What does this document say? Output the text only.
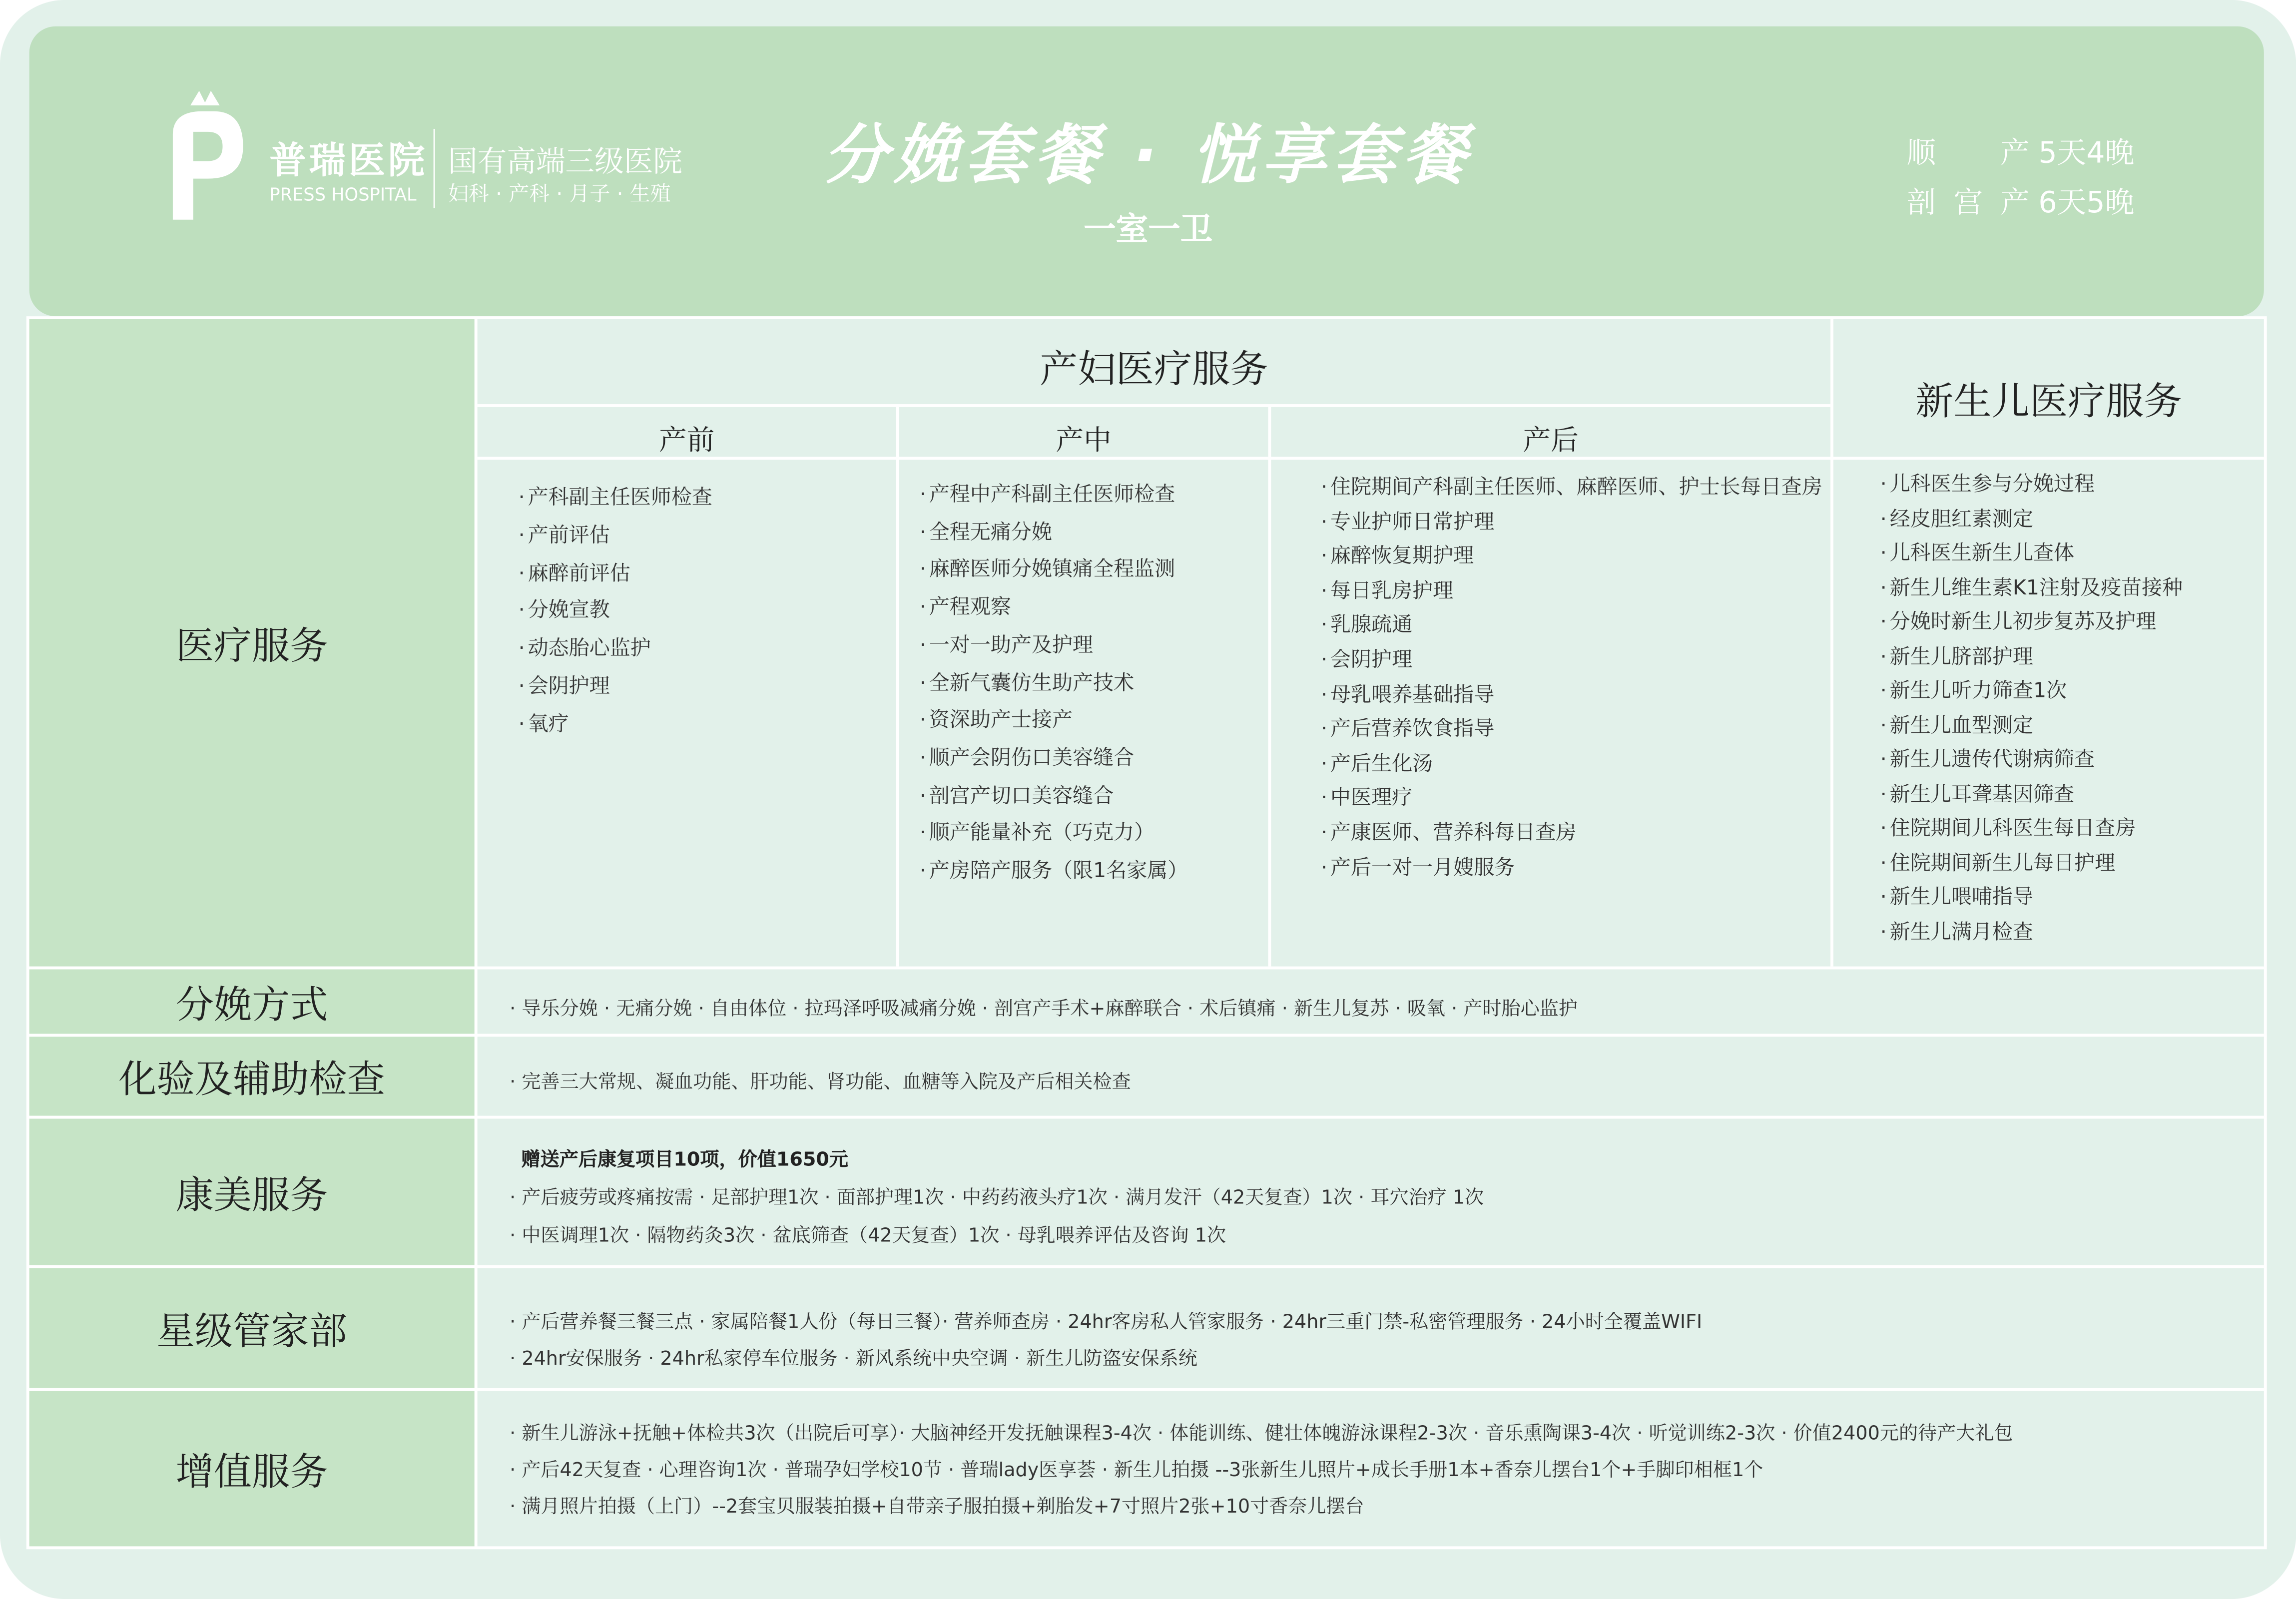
普瑞医院
PRESS HOSPITAL
国有高端三级医院
妇科 · 产科 · 月子 · 生殖
分娩套餐 · 悦享套餐
一室一卫
顺 产 5天4晚
剖宫产 6天5晚
医疗服务
分娩方式
化验及辅助检查
康美服务
星级管家部
增值服务
产妇医疗服务
新生儿医疗服务
产前	产中	产后
· 产科副主任医师检查
· 产前评估
· 麻醉前评估
· 分娩宣教
· 动态胎心监护
· 会阴护理
· 氧疗
· 产程中产科副主任医师检查
· 全程无痛分娩
· 麻醉医师分娩镇痛全程监测
· 产程观察
· 一对一助产及护理
· 全新气囊仿生助产技术
· 资深助产士接产
· 顺产会阴伤口美容缝合
· 剖宫产切口美容缝合
· 顺产能量补充（巧克力）
· 产房陪产服务（限1名家属）
· 住院期间产科副主任医师、麻醉医师、护士长每日查房
· 专业护师日常护理
· 麻醉恢复期护理
· 每日乳房护理
· 乳腺疏通
· 会阴护理
· 母乳喂养基础指导
· 产后营养饮食指导
· 产后生化汤
· 中医理疗
· 产康医师、营养科每日查房
· 产后一对一月嫂服务
· 儿科医生参与分娩过程
· 经皮胆红素测定
· 儿科医生新生儿查体
· 新生儿维生素K1注射及疫苗接种
· 分娩时新生儿初步复苏及护理
· 新生儿脐部护理
· 新生儿听力筛查1次
· 新生儿血型测定
· 新生儿遗传代谢病筛查
· 新生儿耳聋基因筛查
· 住院期间儿科医生每日查房
· 住院期间新生儿每日护理
· 新生儿喂哺指导
· 新生儿满月检查
· 导乐分娩 · 无痛分娩 · 自由体位 · 拉玛泽呼吸减痛分娩 · 剖宫产手术+麻醉联合 · 术后镇痛 · 新生儿复苏 · 吸氧 · 产时胎心监护
· 完善三大常规、凝血功能、肝功能、肾功能、血糖等入院及产后相关检查
赠送产后康复项目10项，价值1650元
· 产后疲劳或疼痛按需 · 足部护理1次 · 面部护理1次 · 中药药液头疗1次 · 满月发汗（42天复查）1次 · 耳穴治疗 1次
· 中医调理1次 · 隔物药灸3次 · 盆底筛查（42天复查）1次 · 母乳喂养评估及咨询 1次
· 产后营养餐三餐三点 · 家属陪餐1人份（每日三餐）· 营养师查房 · 24hr客房私人管家服务 · 24hr三重门禁-私密管理服务 · 24小时全覆盖WIFI
· 24hr安保服务 · 24hr私家停车位服务 · 新风系统中央空调 · 新生儿防盗安保系统
· 新生儿游泳+抚触+体检共3次（出院后可享）· 大脑神经开发抚触课程3-4次 · 体能训练、健壮体魄游泳课程2-3次 · 音乐熏陶课3-4次 · 听觉训练2-3次 · 价值2400元的待产大礼包
· 产后42天复查 · 心理咨询1次 · 普瑞孕妇学校10节 · 普瑞lady医享荟 · 新生儿拍摄 --3张新生儿照片+成长手册1本+香奈儿摆台1个+手脚印相框1个
· 满月照片拍摄（上门）--2套宝贝服装拍摄+自带亲子服拍摄+剃胎发+7寸照片2张+10寸香奈儿摆台
